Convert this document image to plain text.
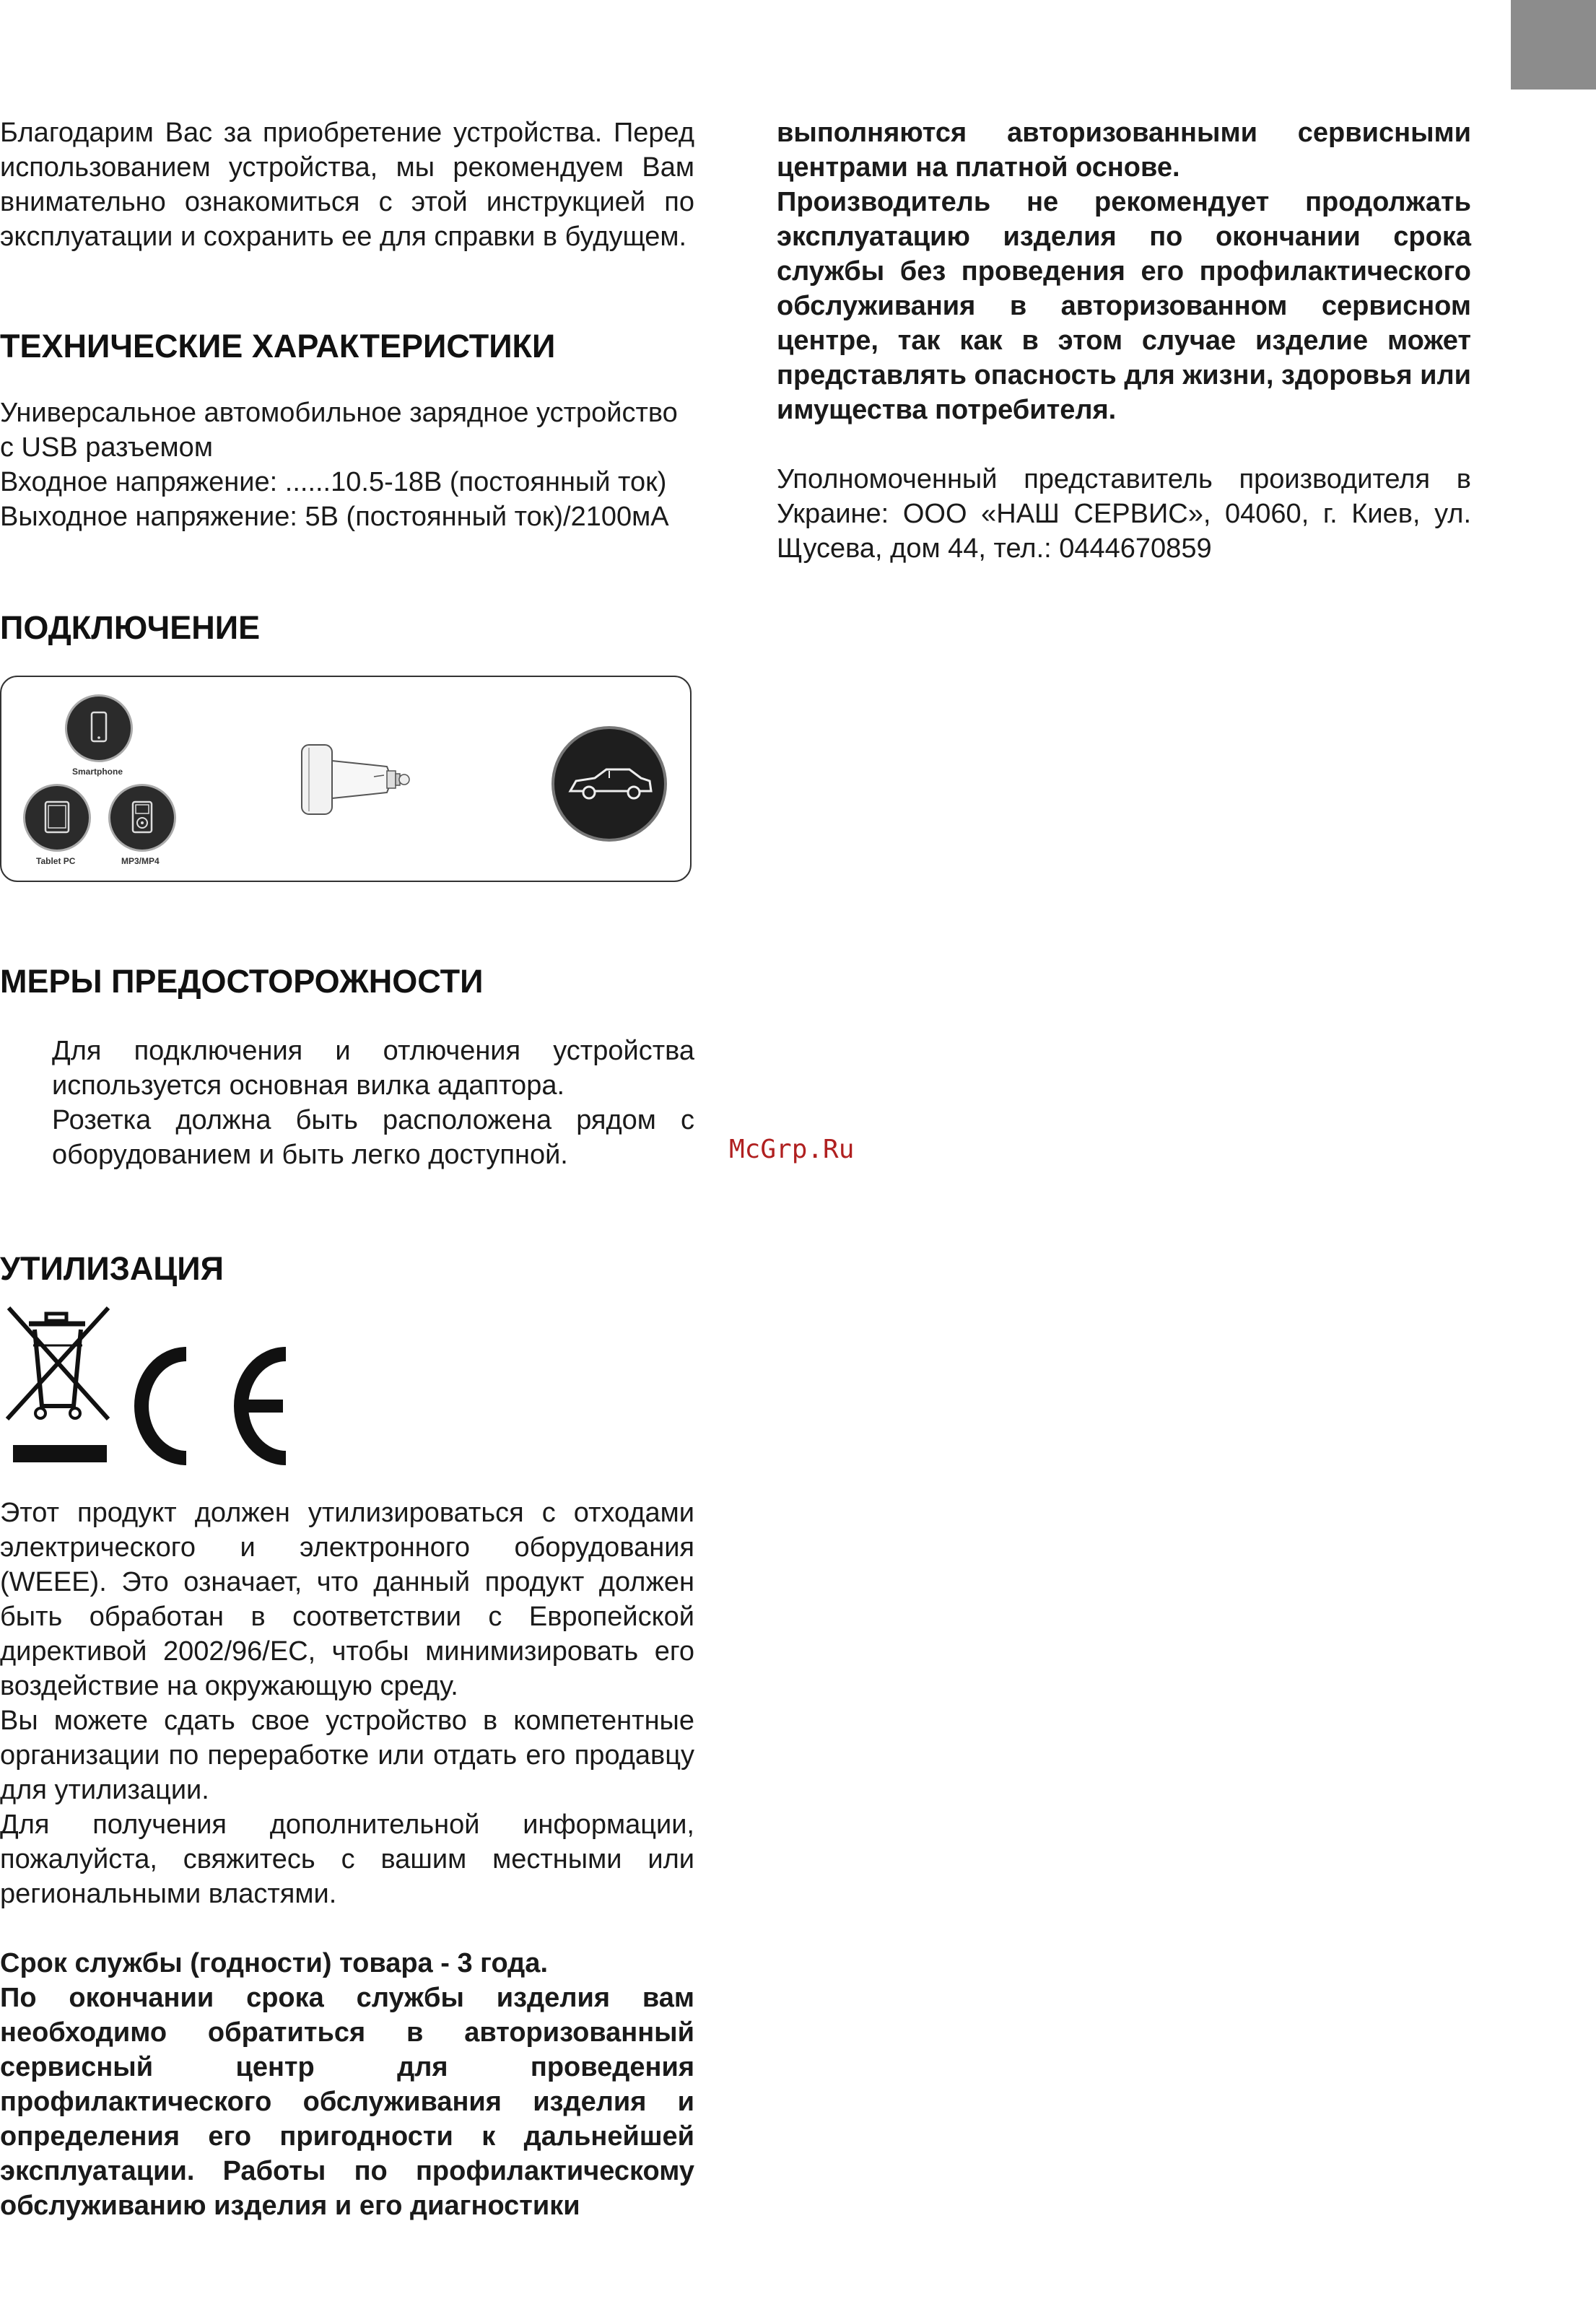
Благодарим Вас за приобретение устройства. Перед использованием устройства, мы рекомендуем Вам внимательно ознакомиться с этой инструкцией по эксплуатации и сохранить ее для справки в будущем.

ТЕХНИЧЕСКИЕ ХАРАКТЕРИСТИКИ

Универсальное автомобильное зарядное устройство

с USB разъемом

Входное напряжение: ......10.5-18В (постоянный ток)

Выходное напряжение: 5В (постоянный ток)/2100мА

ПОДКЛЮЧЕНИЕ
Smartphone
Tablet PC	MP3/MP4
МЕРЫ ПРЕДОСТОРОЖНОСТИ

Для подключения и отлючения устройства используется основная вилка адаптора.

Розетка должна быть расположена рядом с оборудованием и быть легко доступной.

УТИЛИЗАЦИЯ

Этот продукт должен утилизироваться с отходами электрического и электронного оборудования (WEEE). Это означает, что данный продукт должен быть обработан в соответствии с Европейской директивой 2002/96/ЕС, чтобы минимизировать его воздействие на окружающую среду.

Вы можете сдать свое устройство в компетентные организации по переработке или отдать его продавцу для утилизации.

Для получения дополнительной информации, пожалуйста, свяжитесь с вашим местными или региональными властями.

Срок службы (годности) товара - 3 года.

По окончании срока службы изделия вам необходимо обратиться в авторизованный сервисный центр для проведения профилактического обслуживания изделия и определения его пригодности к дальнейшей эксплуатации. Работы по профилактическому обслуживанию изделия и его диагностики

выполняются авторизованными сервисными центрами на платной основе.

Производитель не рекомендует продолжать эксплуатацию изделия по окончании срока службы без проведения его профилактического обслуживания в авторизованном сервисном центре, так как в этом случае изделие может представлять опасность для жизни, здоровья или имущества потребителя.

Уполномоченный представитель производителя в Украине: ООО «НАШ СЕРВИС», 04060, г. Киев, ул. Щусева, дом 44, тел.: 0444670859

McGrp.Ru
